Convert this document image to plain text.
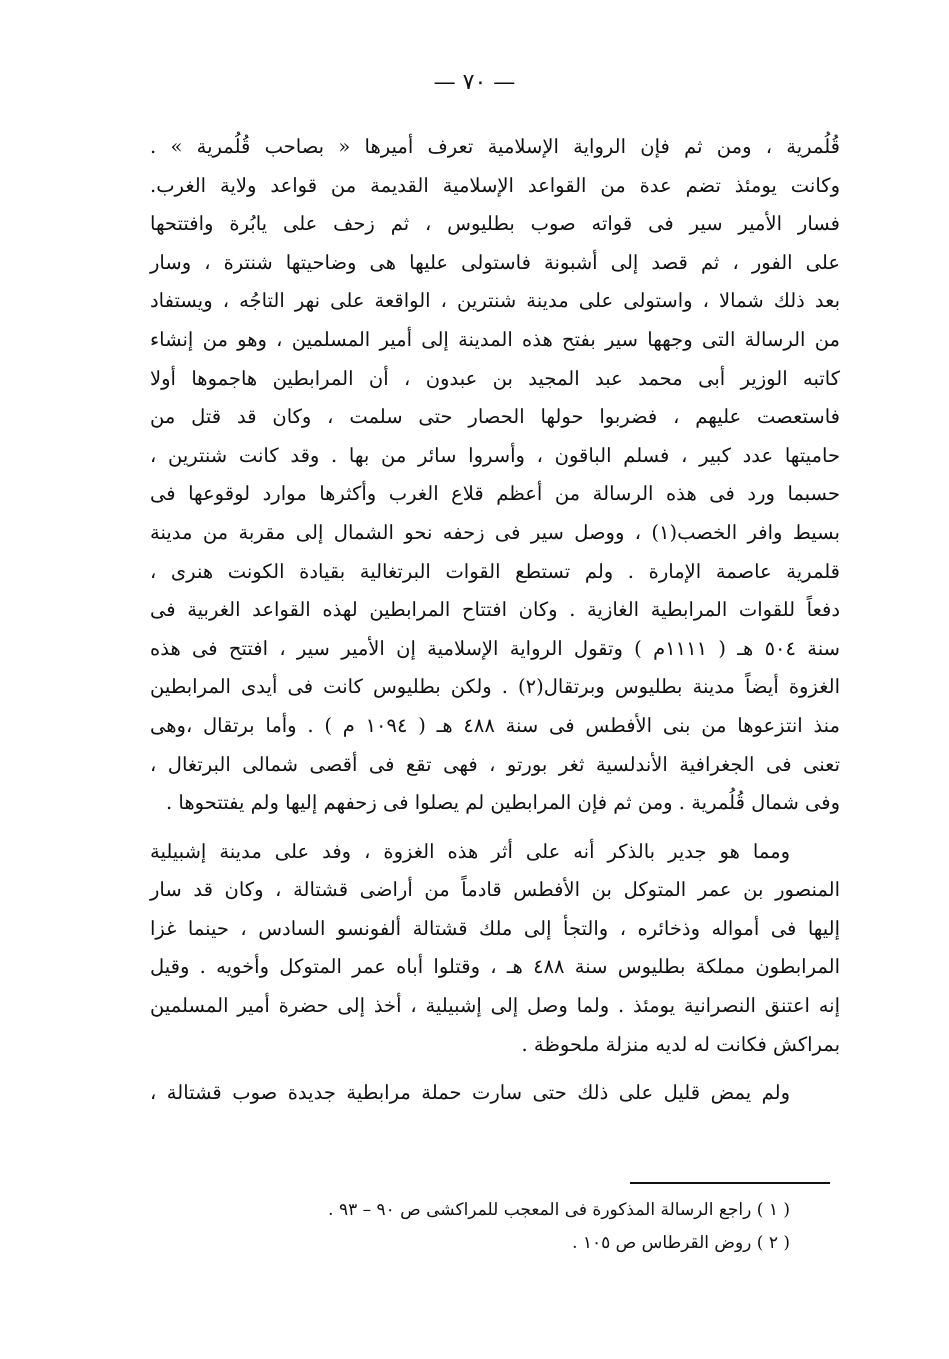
— ٧٠ —
قُلُمرية ، ومن ثم فإن الرواية الإسلامية تعرف أميرها « بصاحب قُلُمرية » .
وكانت يومئذ تضم عدة من القواعد الإسلامية القديمة من قواعد ولاية الغرب.
فسار الأمير سير فى قواته صوب بطليوس ، ثم زحف على يابُرة وافتتحها
على الفور ، ثم قصد إلى أشبونة فاستولى عليها هى وضاحيتها شنترة ، وسار
بعد ذلك شمالا ، واستولى على مدينة شنترين ، الواقعة على نهر التاجُه ، ويستفاد
من الرسالة التى وجهها سير بفتح هذه المدينة إلى أمير المسلمين ، وهو من إنشاء
كاتبه الوزير أبى محمد عبد المجيد بن عبدون ، أن المرابطين هاجموها أولا
فاستعصت عليهم ، فضربوا حولها الحصار حتى سلمت ، وكان قد قتل من
حاميتها عدد كبير ، فسلم الباقون ، وأسروا سائر من بها . وقد كانت شنترين ،
حسبما ورد فى هذه الرسالة من أعظم قلاع الغرب وأكثرها موارد لوقوعها فى
بسيط وافر الخصب(١) ، ووصل سير فى زحفه نحو الشمال إلى مقربة من مدينة
قلمرية عاصمة الإمارة . ولم تستطع القوات البرتغالية بقيادة الكونت هنرى ،
دفعاً للقوات المرابطية الغازية . وكان افتتاح المرابطين لهذه القواعد الغربية فى
سنة ٥٠٤ هـ ( ١١١١م ) وتقول الرواية الإسلامية إن الأمير سير ، افتتح فى هذه
الغزوة أيضاً مدينة بطليوس وبرتقال(٢) . ولكن بطليوس كانت فى أيدى المرابطين
منذ انتزعوها من بنى الأفطس فى سنة ٤٨٨ هـ ( ١٠٩٤ م ) . وأما برتقال ،وهى
تعنى فى الجغرافية الأندلسية ثغر بورتو ، فهى تقع فى أقصى شمالى البرتغال ،
وفى شمال قُلُمرية . ومن ثم فإن المرابطين لم يصلوا فى زحفهم إليها ولم يفتتحوها .
ومما هو جدير بالذكر أنه على أثر هذه الغزوة ، وفد على مدينة إشبيلية
المنصور بن عمر المتوكل بن الأفطس قادماً من أراضى قشتالة ، وكان قد سار
إليها فى أمواله وذخائره ، والتجأ إلى ملك قشتالة ألفونسو السادس ، حينما غزا
المرابطون مملكة بطليوس سنة ٤٨٨ هـ ، وقتلوا أباه عمر المتوكل وأخويه . وقيل
إنه اعتنق النصرانية يومئذ . ولما وصل إلى إشبيلية ، أخذ إلى حضرة أمير المسلمين
بمراكش فكانت له لديه منزلة ملحوظة .
ولم يمض قليل على ذلك حتى سارت حملة مرابطية جديدة صوب قشتالة ،
( ١ ) راجع الرسالة المذكورة فى المعجب للمراكشى ص ٩٠ – ٩٣ .
( ٢ ) روض القرطاس ص ١٠٥ .
